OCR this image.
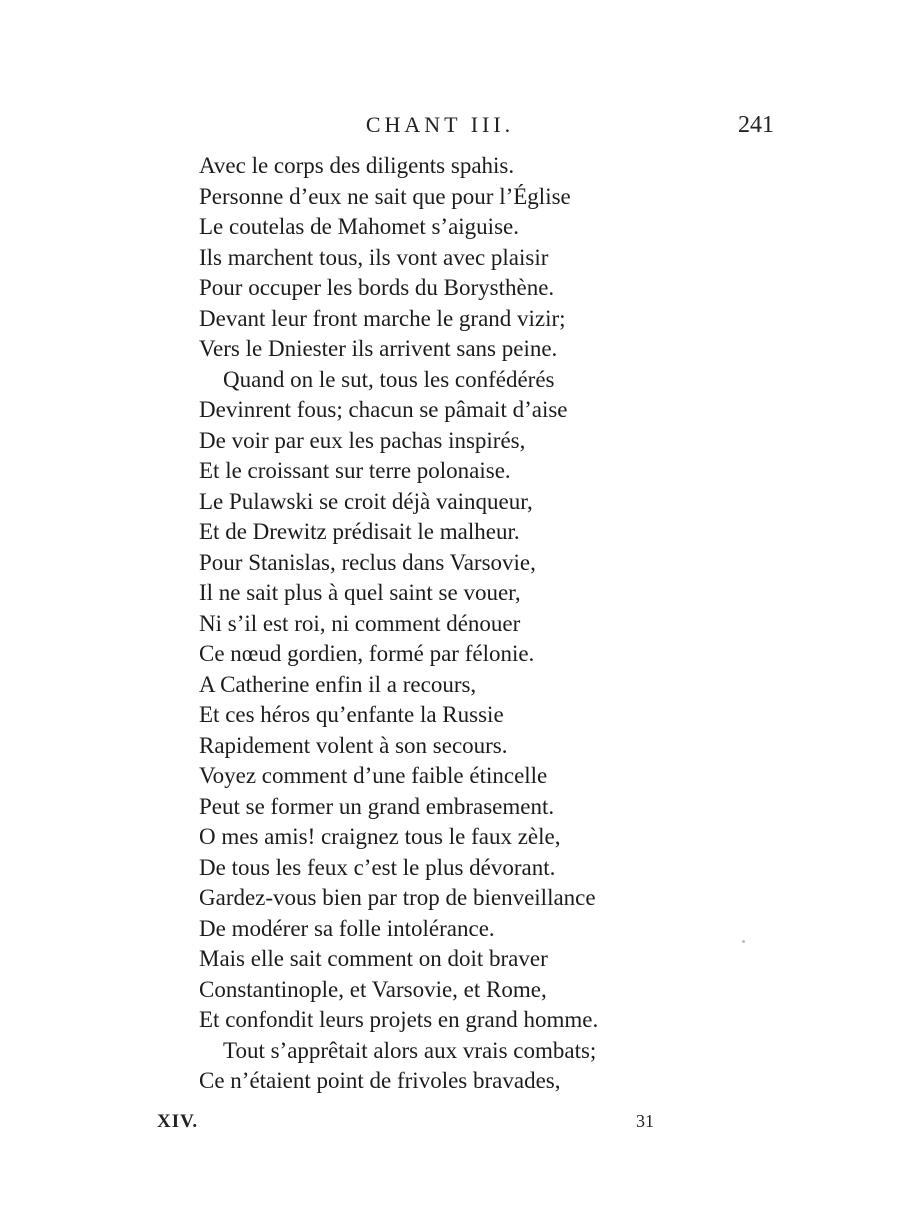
CHANT III.	241
Avec le corps des diligents spahis.
Personne d’eux ne sait que pour l’Église
Le coutelas de Mahomet s’aiguise.
Ils marchent tous, ils vont avec plaisir
Pour occuper les bords du Borysthène.
Devant leur front marche le grand vizir;
Vers le Dniester ils arrivent sans peine.
Quand on le sut, tous les confédérés
Devinrent fous; chacun se pâmait d’aise
De voir par eux les pachas inspirés,
Et le croissant sur terre polonaise.
Le Pulawski se croit déjà vainqueur,
Et de Drewitz prédisait le malheur.
Pour Stanislas, reclus dans Varsovie,
Il ne sait plus à quel saint se vouer,
Ni s’il est roi, ni comment dénouer
Ce nœud gordien, formé par félonie.
A Catherine enfin il a recours,
Et ces héros qu’enfante la Russie
Rapidement volent à son secours.
Voyez comment d’une faible étincelle
Peut se former un grand embrasement.
O mes amis! craignez tous le faux zèle,
De tous les feux c’est le plus dévorant.
Gardez-vous bien par trop de bienveillance
De modérer sa folle intolérance.
Mais elle sait comment on doit braver
Constantinople, et Varsovie, et Rome,
Et confondit leurs projets en grand homme.
Tout s’apprêtait alors aux vrais combats;
Ce n’étaient point de frivoles bravades,
XIV.	31
